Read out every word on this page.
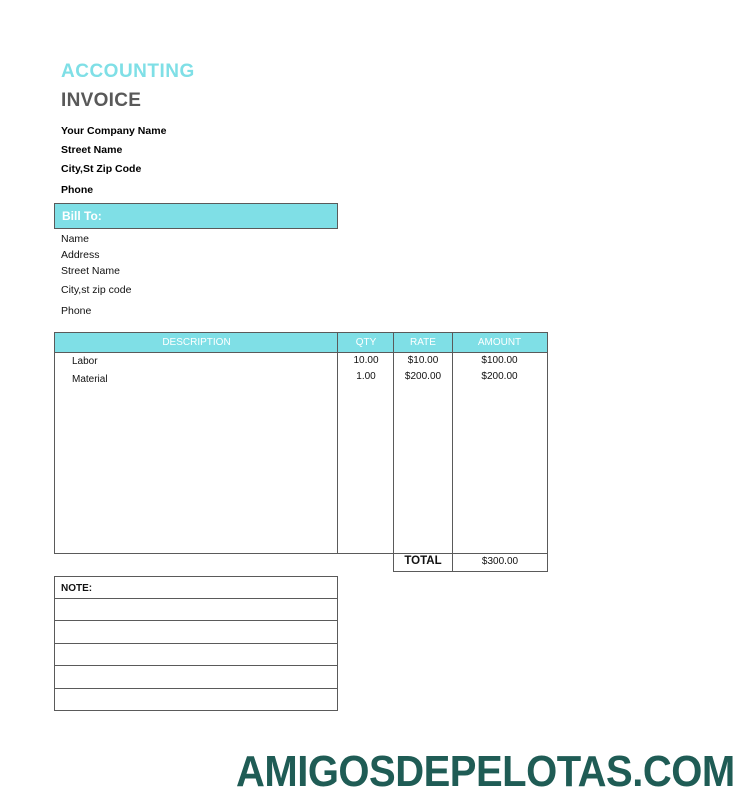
ACCOUNTING
INVOICE
Your Company Name
Street Name
City,St Zip Code
Phone
Bill To:
Name
Address
Street Name
City,st zip code
Phone
DESCRIPTION	QTY	RATE	AMOUNT
Labor	10.00	$10.00	$100.00
Material	1.00	$200.00	$200.00
TOTAL	$300.00
NOTE:
AMIGOSDEPELOTAS.COM
